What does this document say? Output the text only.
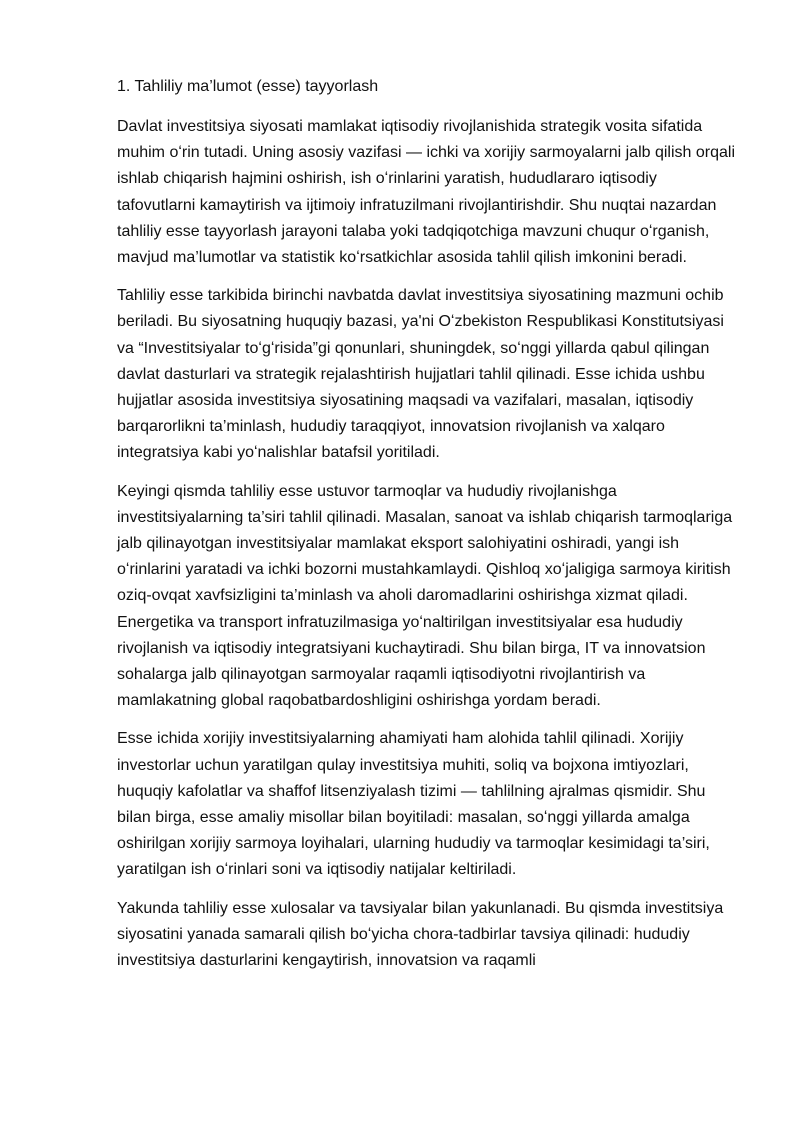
1. Tahliliy ma’lumot (esse) tayyorlash

Davlat investitsiya siyosati mamlakat iqtisodiy rivojlanishida strategik vosita sifatida muhim oʻrin tutadi. Uning asosiy vazifasi — ichki va xorijiy sarmoyalarni jalb qilish orqali ishlab chiqarish hajmini oshirish, ish oʻrinlarini yaratish, hududlararo iqtisodiy tafovutlarni kamaytirish va ijtimoiy infratuzilmani rivojlantirishdir. Shu nuqtai nazardan tahliliy esse tayyorlash jarayoni talaba yoki tadqiqotchiga mavzuni chuqur oʻrganish, mavjud ma’lumotlar va statistik koʻrsatkichlar asosida tahlil qilish imkonini beradi.

Tahliliy esse tarkibida birinchi navbatda davlat investitsiya siyosatining mazmuni ochib beriladi. Bu siyosatning huquqiy bazasi, ya'ni Oʻzbekiston Respublikasi Konstitutsiyasi va “Investitsiyalar toʻgʻrisida”gi qonunlari, shuningdek, soʻnggi yillarda qabul qilingan davlat dasturlari va strategik rejalashtirish hujjatlari tahlil qilinadi. Esse ichida ushbu hujjatlar asosida investitsiya siyosatining maqsadi va vazifalari, masalan, iqtisodiy barqarorlikni ta’minlash, hududiy taraqqiyot, innovatsion rivojlanish va xalqaro integratsiya kabi yoʻnalishlar batafsil yoritiladi.

Keyingi qismda tahliliy esse ustuvor tarmoqlar va hududiy rivojlanishga investitsiyalarning ta’siri tahlil qilinadi. Masalan, sanoat va ishlab chiqarish tarmoqlariga jalb qilinayotgan investitsiyalar mamlakat eksport salohiyatini oshiradi, yangi ish oʻrinlarini yaratadi va ichki bozorni mustahkamlaydi. Qishloq xoʻjaligiga sarmoya kiritish oziq-ovqat xavfsizligini ta’minlash va aholi daromadlarini oshirishga xizmat qiladi. Energetika va transport infratuzilmasiga yoʻnaltirilgan investitsiyalar esa hududiy rivojlanish va iqtisodiy integratsiyani kuchaytiradi. Shu bilan birga, IT va innovatsion sohalarga jalb qilinayotgan sarmoyalar raqamli iqtisodiyotni rivojlantirish va mamlakatning global raqobatbardoshligini oshirishga yordam beradi.

Esse ichida xorijiy investitsiyalarning ahamiyati ham alohida tahlil qilinadi. Xorijiy investorlar uchun yaratilgan qulay investitsiya muhiti, soliq va bojxona imtiyozlari, huquqiy kafolatlar va shaffof litsenziyalash tizimi — tahlilning ajralmas qismidir. Shu bilan birga, esse amaliy misollar bilan boyitiladi: masalan, soʻnggi yillarda amalga oshirilgan xorijiy sarmoya loyihalari, ularning hududiy va tarmoqlar kesimidagi ta’siri, yaratilgan ish oʻrinlari soni va iqtisodiy natijalar keltiriladi.

Yakunda tahliliy esse xulosalar va tavsiyalar bilan yakunlanadi. Bu qismda investitsiya siyosatini yanada samarali qilish boʻyicha chora-tadbirlar tavsiya qilinadi: hududiy investitsiya dasturlarini kengaytirish, innovatsion va raqamli
